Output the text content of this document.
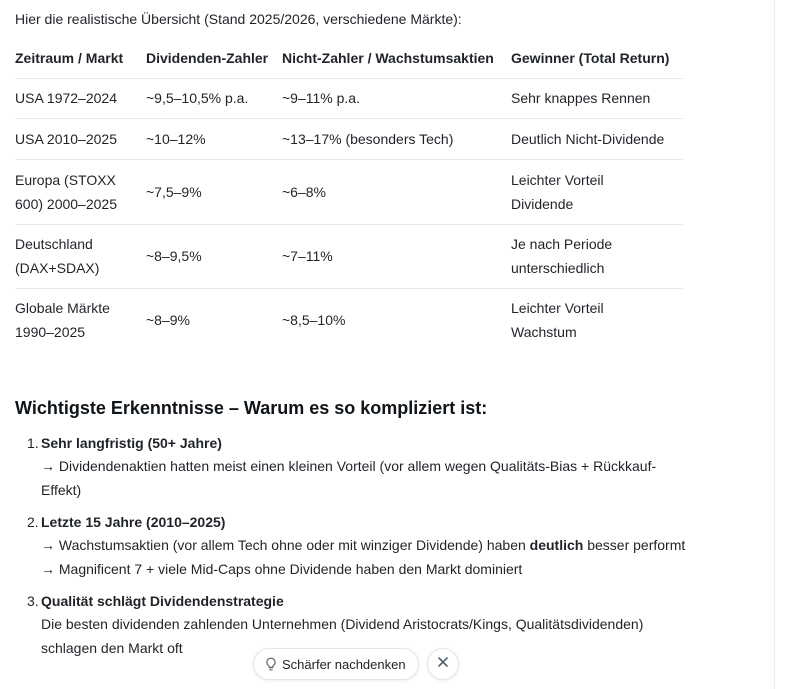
Hier die realistische Übersicht (Stand 2025/2026, verschiedene Märkte):
Zeitraum / Markt	Dividenden-Zahler	Nicht-Zahler / Wachstumsaktien	Gewinner (Total Return)
USA 1972–2024	~9,5–10,5% p.a.	~9–11% p.a.	Sehr knappes Rennen
USA 2010–2025	~10–12%	~13–17% (besonders Tech)	Deutlich Nicht-Dividende
Europa (STOXX 600) 2000–2025	~7,5–9%	~6–8%	Leichter Vorteil Dividende
Deutschland (DAX+SDAX)	~8–9,5%	~7–11%	Je nach Periode unterschiedlich
Globale Märkte 1990–2025	~8–9%	~8,5–10%	Leichter Vorteil Wachstum
Wichtigste Erkenntnisse – Warum es so kompliziert ist:
1. Sehr langfristig (50+ Jahre)
→ Dividendenaktien hatten meist einen kleinen Vorteil (vor allem wegen Qualitäts-Bias + Rückkauf-Effekt)
2. Letzte 15 Jahre (2010–2025)
→ Wachstumsaktien (vor allem Tech ohne oder mit winziger Dividende) haben deutlich besser performt
→ Magnificent 7 + viele Mid-Caps ohne Dividende haben den Markt dominiert
3. Qualität schlägt Dividendenstrategie
Die besten dividenden zahlenden Unternehmen (Dividend Aristocrats/Kings, Qualitätsdividenden) schlagen den Markt oft
Schärfer nachdenken
